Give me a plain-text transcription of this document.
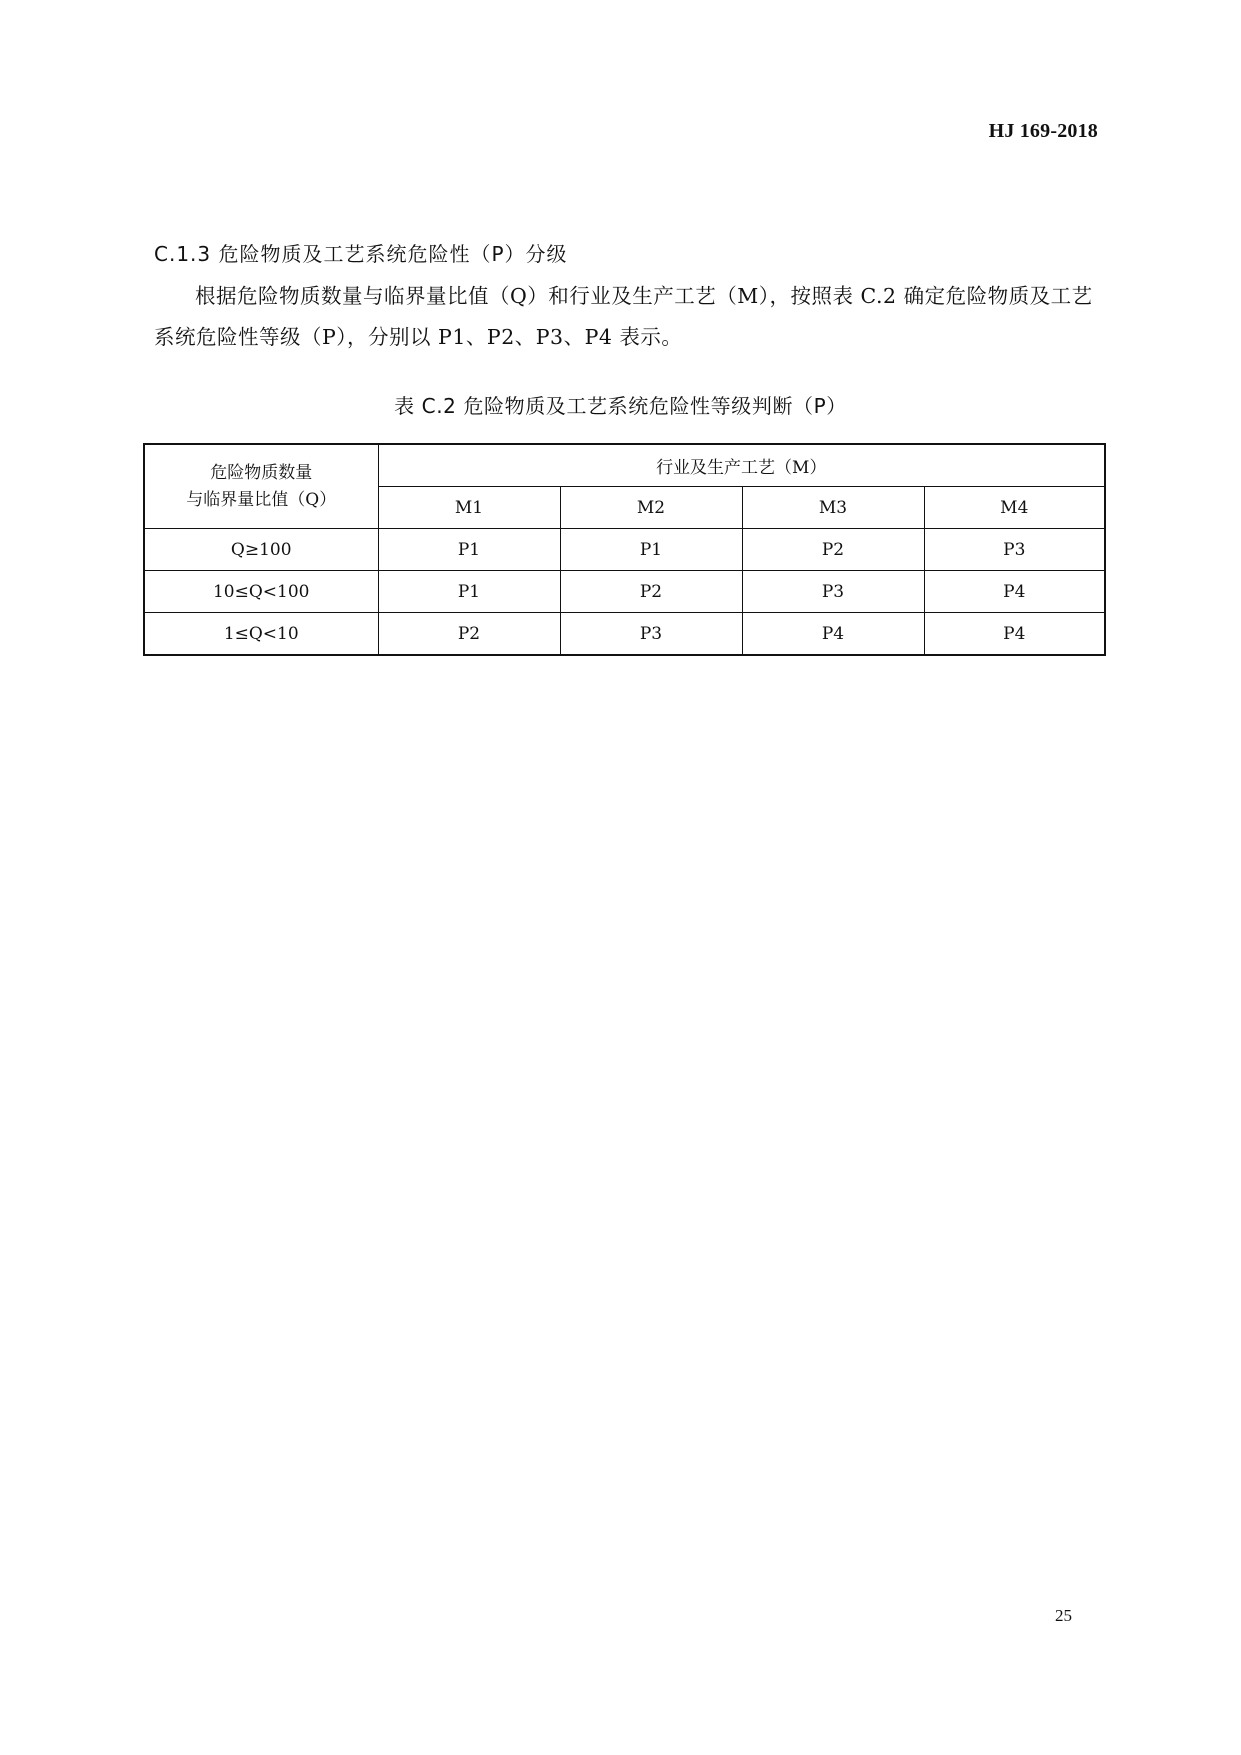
HJ 169-2018
C.1.3 危险物质及工艺系统危险性（P）分级

根据危险物质数量与临界量比值（Q）和行业及生产工艺（M），按照表 C.2 确定危险物质及工艺系统危险性等级（P），分别以 P1、P2、P3、P4 表示。

表 C.2 危险物质及工艺系统危险性等级判断（P）
危险物质数量
与临界量比值（Q）	行业及生产工艺（M）			
	M1	M2	M3	M4
Q≥100	P1	P1	P2	P3
10≤Q<100	P1	P2	P3	P4
1≤Q<10	P2	P3	P4	P4
25
